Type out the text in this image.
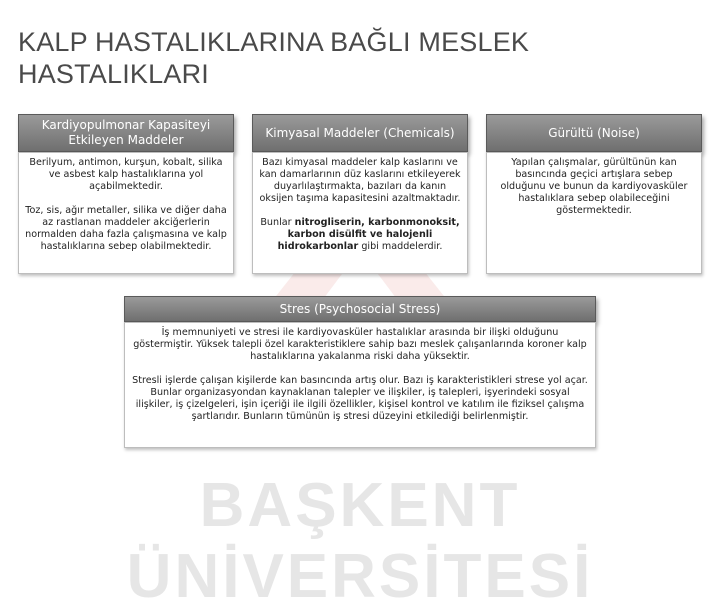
KALP HASTALIKLARINA BAĞLI MESLEK HASTALIKLARI
Kardiyopulmonar Kapasiteyi Etkileyen Maddeler

Berilyum, antimon, kurşun, kobalt, silika ve asbest kalp hastalıklarına yol açabilmektedir.

Toz, sis, ağır metaller, silika ve diğer daha az rastlanan maddeler akciğerlerin normalden daha fazla çalışmasına ve kalp hastalıklarına sebep olabilmektedir.

Kimyasal Maddeler (Chemicals)

Bazı kimyasal maddeler kalp kaslarını ve kan damarlarının düz kaslarını etkileyerek duyarlılaştırmakta, bazıları da kanın oksijen taşıma kapasitesini azaltmaktadır.

Bunlar nitrogliserin, karbonmonoksit, karbon disülfit ve halojenli hidrokarbonlar gibi maddelerdir.

Gürültü (Noise)

Yapılan çalışmalar, gürültünün kan basıncında geçici artışlara sebep olduğunu ve bunun da kardiyovasküler hastalıklara sebep olabileceğini göstermektedir.

Stres (Psychosocial Stress)

İş memnuniyeti ve stresi ile kardiyovasküler hastalıklar arasında bir ilişki olduğunu göstermiştir. Yüksek talepli özel karakteristiklere sahip bazı meslek çalışanlarında koroner kalp hastalıklarına yakalanma riski daha yüksektir.

Stresli işlerde çalışan kişilerde kan basıncında artış olur. Bazı iş karakteristikleri strese yol açar. Bunlar organizasyondan kaynaklanan talepler ve ilişkiler, iş talepleri, işyerindeki sosyal ilişkiler, iş çizelgeleri, işin içeriği ile ilgili özellikler, kişisel kontrol ve katılım ile fiziksel çalışma şartlarıdır. Bunların tümünün iş stresi düzeyini etkilediği belirlenmiştir.

BAŞKENT ÜNİVERSİTESİ
